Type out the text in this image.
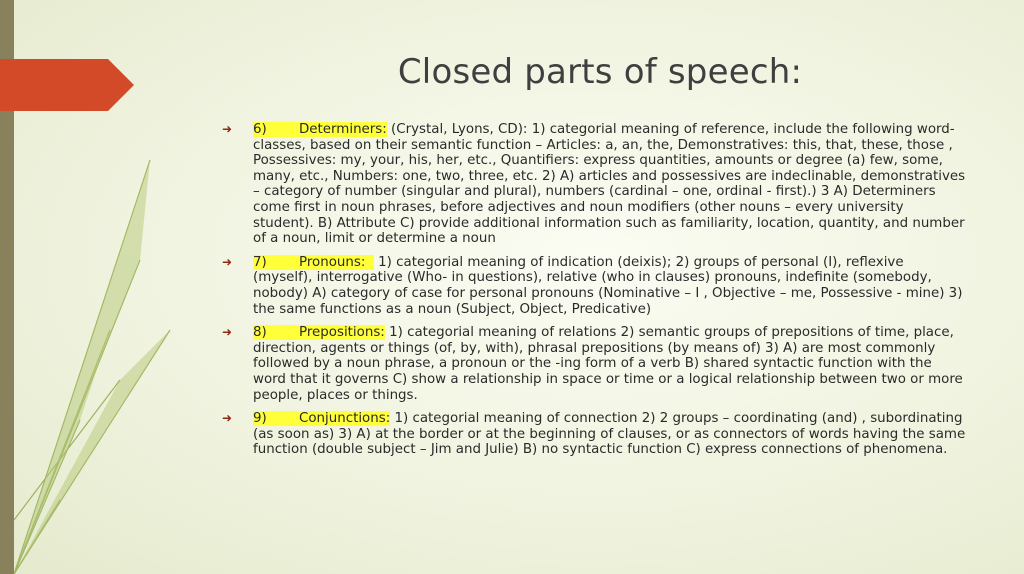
Closed parts of speech:
➜	6) Determiners: (Crystal, Lyons, CD): 1) categorial meaning of reference, include the following word-classes, based on their semantic function – Articles: a, an, the, Demonstratives: this, that, these, those , Possessives: my, your, his, her, etc., Quantifiers: express quantities, amounts or degree (a) few, some, many, etc., Numbers: one, two, three, etc. 2) A) articles and possessives are indeclinable, demonstratives – category of number (singular and plural), numbers (cardinal – one, ordinal - first).) 3 A) Determiners come first in noun phrases, before adjectives and noun modifiers (other nouns – every university student). B) Attribute C) provide additional information such as familiarity, location, quantity, and number of a noun, limit or determine a noun
➜	7) Pronouns:   1) categorial meaning of indication (deixis); 2) groups of personal (I), reflexive (myself), interrogative (Who- in questions), relative (who in clauses) pronouns, indefinite (somebody, nobody) A) category of case for personal pronouns (Nominative – I , Objective – me, Possessive - mine) 3) the same functions as a noun (Subject, Object, Predicative)
➜	8) Prepositions: 1) categorial meaning of relations 2) semantic groups of prepositions of time, place, direction, agents or things (of, by, with), phrasal prepositions (by means of) 3) A) are most commonly followed by a noun phrase, a pronoun or the -ing form of a verb B) shared syntactic function with the word that it governs C) show a relationship in space or time or a logical relationship between two or more people, places or things.
➜	9) Conjunctions: 1) categorial meaning of connection 2) 2 groups – coordinating (and) , subordinating (as soon as) 3) A) at the border or at the beginning of clauses, or as connectors of words having the same function (double subject – Jim and Julie) B) no syntactic function C) express connections of phenomena.
